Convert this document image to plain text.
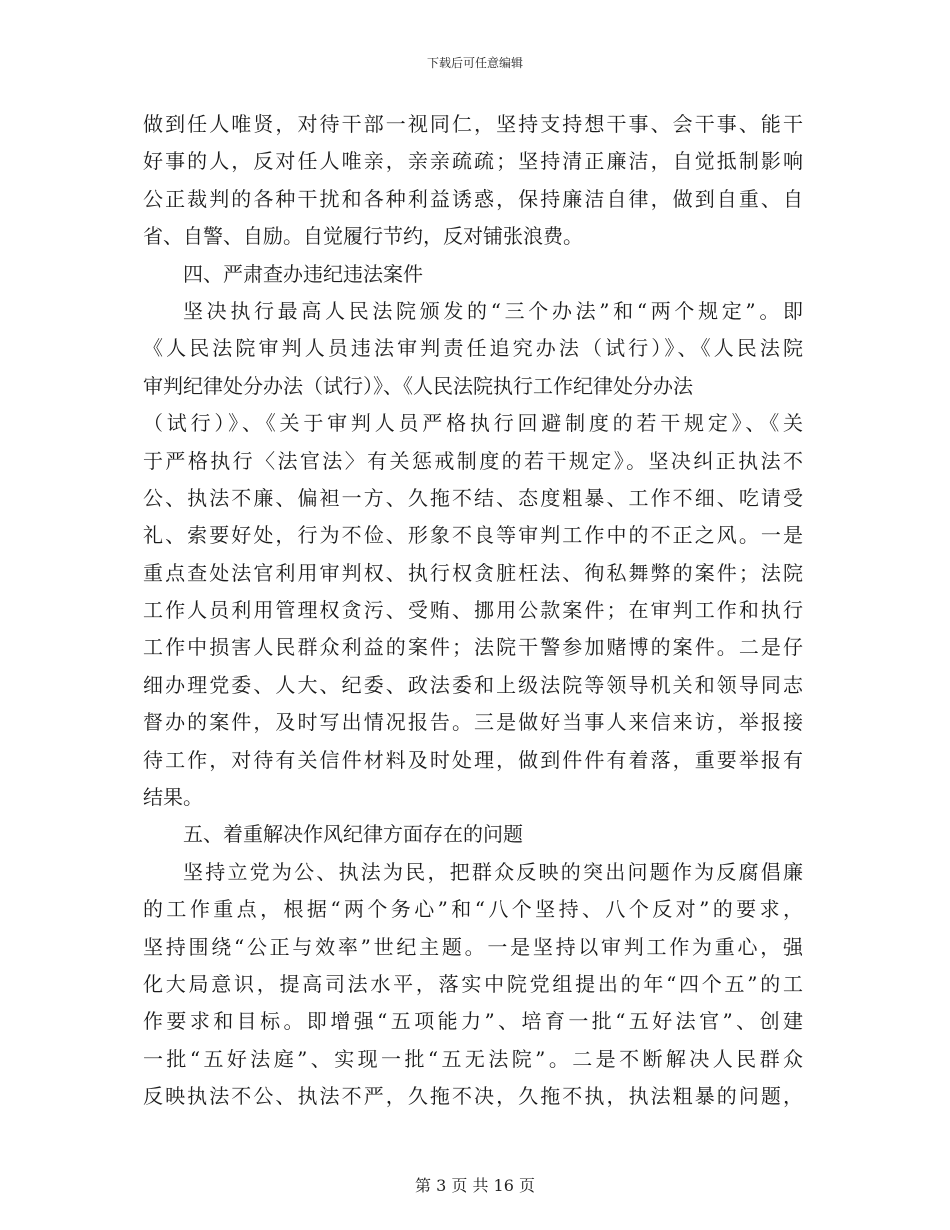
下载后可任意编辑
做到任人唯贤，对待干部一视同仁，坚持支持想干事、会干事、能干
好事的人，反对任人唯亲，亲亲疏疏；坚持清正廉洁，自觉抵制影响
公正裁判的各种干扰和各种利益诱惑，保持廉洁自律，做到自重、自
省、自警、自励。自觉履行节约，反对铺张浪费。
四、严肃查办违纪违法案件
坚决执行最高人民法院颁发的“三个办法”和“两个规定”。即
《人民法院审判人员违法审判责任追究办法（试行）》、《人民法院
审判纪律处分办法（试行）》、《人民法院执行工作纪律处分办法
（试行）》、《关于审判人员严格执行回避制度的若干规定》、《关
于严格执行〈法官法〉有关惩戒制度的若干规定》。坚决纠正执法不
公、执法不廉、偏袒一方、久拖不结、态度粗暴、工作不细、吃请受
礼、索要好处，行为不俭、形象不良等审判工作中的不正之风。一是
重点查处法官利用审判权、执行权贪脏枉法、徇私舞弊的案件；法院
工作人员利用管理权贪污、受贿、挪用公款案件；在审判工作和执行
工作中损害人民群众利益的案件；法院干警参加赌博的案件。二是仔
细办理党委、人大、纪委、政法委和上级法院等领导机关和领导同志
督办的案件，及时写出情况报告。三是做好当事人来信来访，举报接
待工作，对待有关信件材料及时处理，做到件件有着落，重要举报有
结果。
五、着重解决作风纪律方面存在的问题
坚持立党为公、执法为民，把群众反映的突出问题作为反腐倡廉
的工作重点，根据“两个务心”和“八个坚持、八个反对”的要求，
坚持围绕“公正与效率”世纪主题。一是坚持以审判工作为重心，强
化大局意识，提高司法水平，落实中院党组提出的年“四个五”的工
作要求和目标。即增强“五项能力”、培育一批“五好法官”、创建
一批“五好法庭”、实现一批“五无法院”。二是不断解决人民群众
反映执法不公、执法不严，久拖不决，久拖不执，执法粗暴的问题，
第 3 页 共 16 页
